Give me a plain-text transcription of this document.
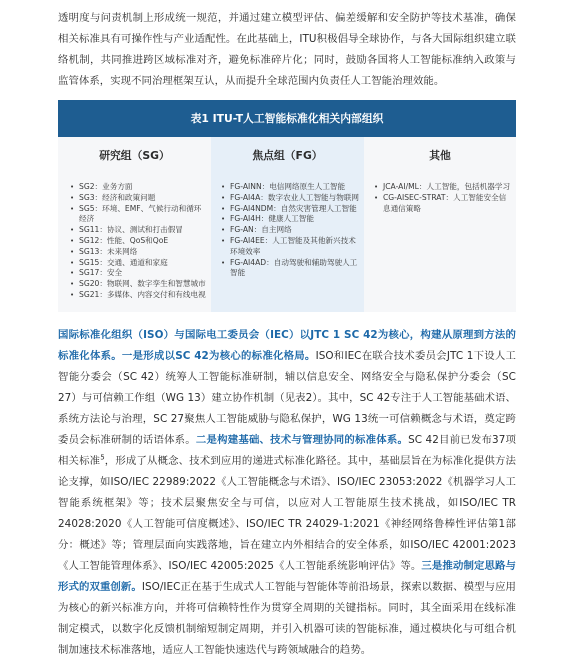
透明度与问责机制上形成统一规范，并通过建立模型评估、偏差缓解和安全防护等技术基准，确保相关标准具有可操作性与产业适配性。在此基础上，ITU积极倡导全球协作，与各大国际组织建立联络机制，共同推进跨区域标准对齐，避免标准碎片化；同时，鼓励各国将人工智能标准纳入政策与监管体系，实现不同治理框架互认，从而提升全球范围内负责任人工智能治理效能。
表1 ITU-T人工智能标准化相关内部组织
研究组（SG）
• SG2：业务方面
• SG3：经济和政策问题
• SG5：环境、EMF、气候行动和循环经济
• SG11：协议、测试和打击假冒
• SG12：性能、QoS和QoE
• SG13：未来网络
• SG15：交通、通道和家庭
• SG17：安全
• SG20：物联网、数字孪生和智慧城市
• SG21：多媒体、内容交付和有线电视
焦点组（FG）
• FG-AINN：电信网络原生人工智能
• FG-AI4A：数字农业人工智能与物联网
• FG-AI4NDM：自然灾害管理人工智能
• FG-AI4H：健康人工智能
• FG-AN：自主网络
• FG-AI4EE：人工智能及其他新兴技术环境效率
• FG-AI4AD：自动驾驶和辅助驾驶人工智能
其他
• JCA-AI/ML：人工智能，包括机器学习
• CG-AISEC-STRAT：人工智能安全信息通信策略
国际标准化组织（ISO）与国际电工委员会（IEC）以JTC 1 SC 42为核心，构建从原理到方法的标准化体系。一是形成以SC 42为核心的标准化格局。ISO和IEC在联合技术委员会JTC 1下设人工智能分委会（SC 42）统筹人工智能标准研制，辅以信息安全、网络安全与隐私保护分委会（SC 27）与可信赖工作组（WG 13）建立协作机制（见表2）。其中，SC 42专注于人工智能基础术语、系统方法论与治理，SC 27聚焦人工智能威胁与隐私保护，WG 13统一可信赖概念与术语，奠定跨委员会标准研制的话语体系。二是构建基础、技术与管理协同的标准体系。SC 42目前已发布37项相关标准$^5$，形成了从概念、技术到应用的递进式标准化路径。其中，基础层旨在为标准化提供方法论支撑，如ISO/IEC 22989:2022《人工智能概念与术语》、ISO/IEC 23053:2022《机器学习人工智能系统框架》等；技术层聚焦安全与可信，以应对人工智能原生技术挑战，如ISO/IEC TR 24028:2020《人工智能可信度概述》、ISO/IEC TR 24029-1:2021《神经网络鲁棒性评估第1部分：概述》等；管理层面向实践落地，旨在建立内外相结合的安全体系，如ISO/IEC 42001:2023《人工智能管理体系》、ISO/IEC 42005:2025《人工智能系统影响评估》等。三是推动制定思路与形式的双重创新。ISO/IEC正在基于生成式人工智能与智能体等前沿场景，探索以数据、模型与应用为核心的新兴标准方向，并将可信赖特性作为贯穿全周期的关键指标。同时，其全面采用在线标准制定模式，以数字化反馈机制缩短制定周期，并引入机器可读的智能标准，通过模块化与可组合机制加速技术标准落地，适应人工智能快速迭代与跨领域融合的趋势。
